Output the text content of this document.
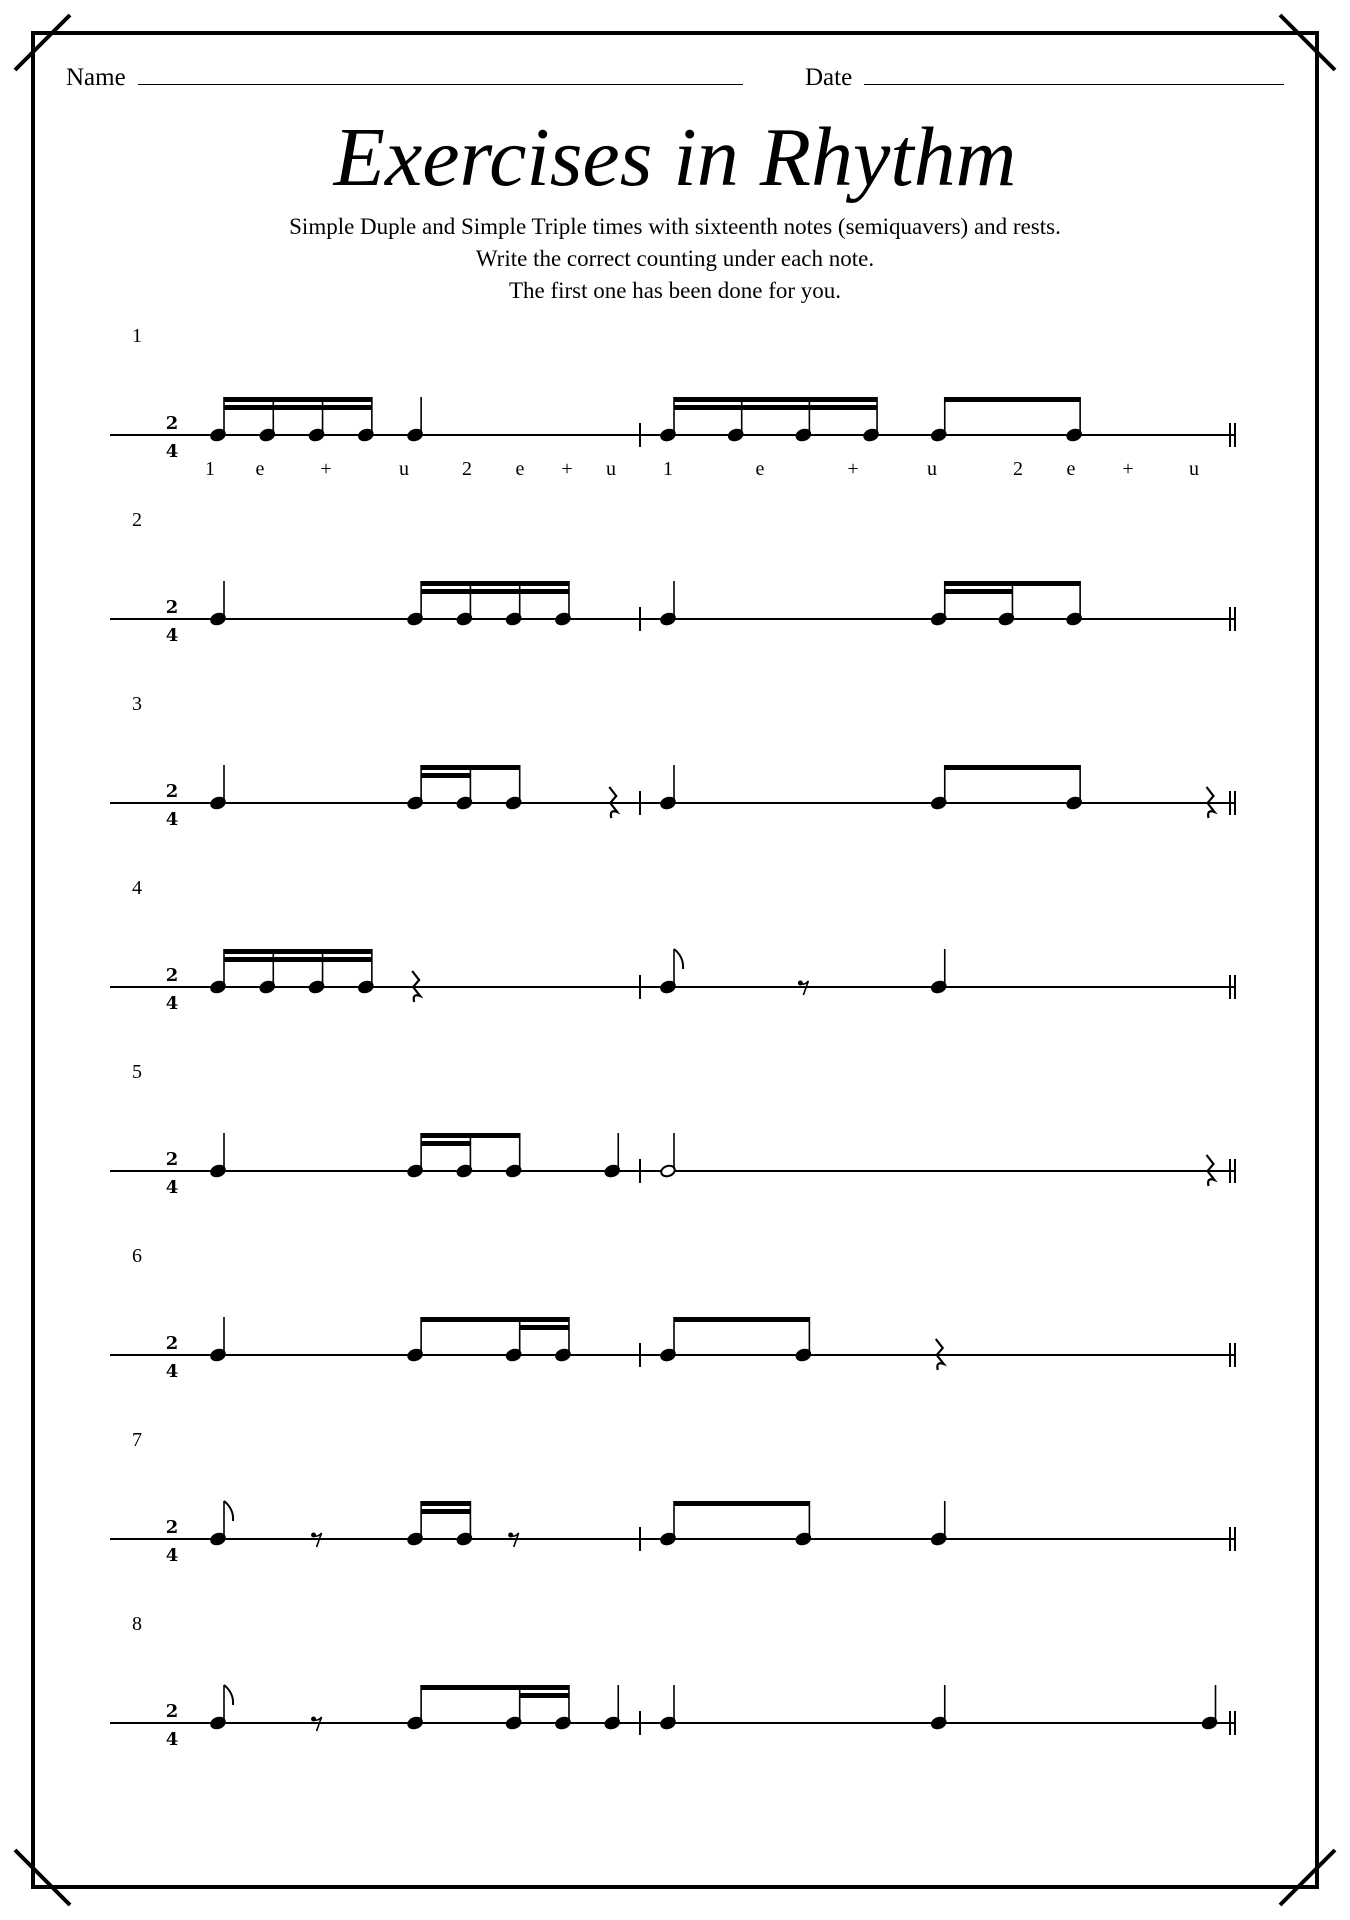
Name	Date
Exercises in Rhythm
Simple Duple and Simple Triple times with sixteenth notes (semiquavers) and rests.
Write the correct counting under each note.
The first one has been done for you.
1
2
4
2
2
4
3
2
4
4
2
4
5
2
4
6
2
4
7
2
4
8
2
4
1 e	+	u	2 e + u 1	e	+	u	2 e +	u
